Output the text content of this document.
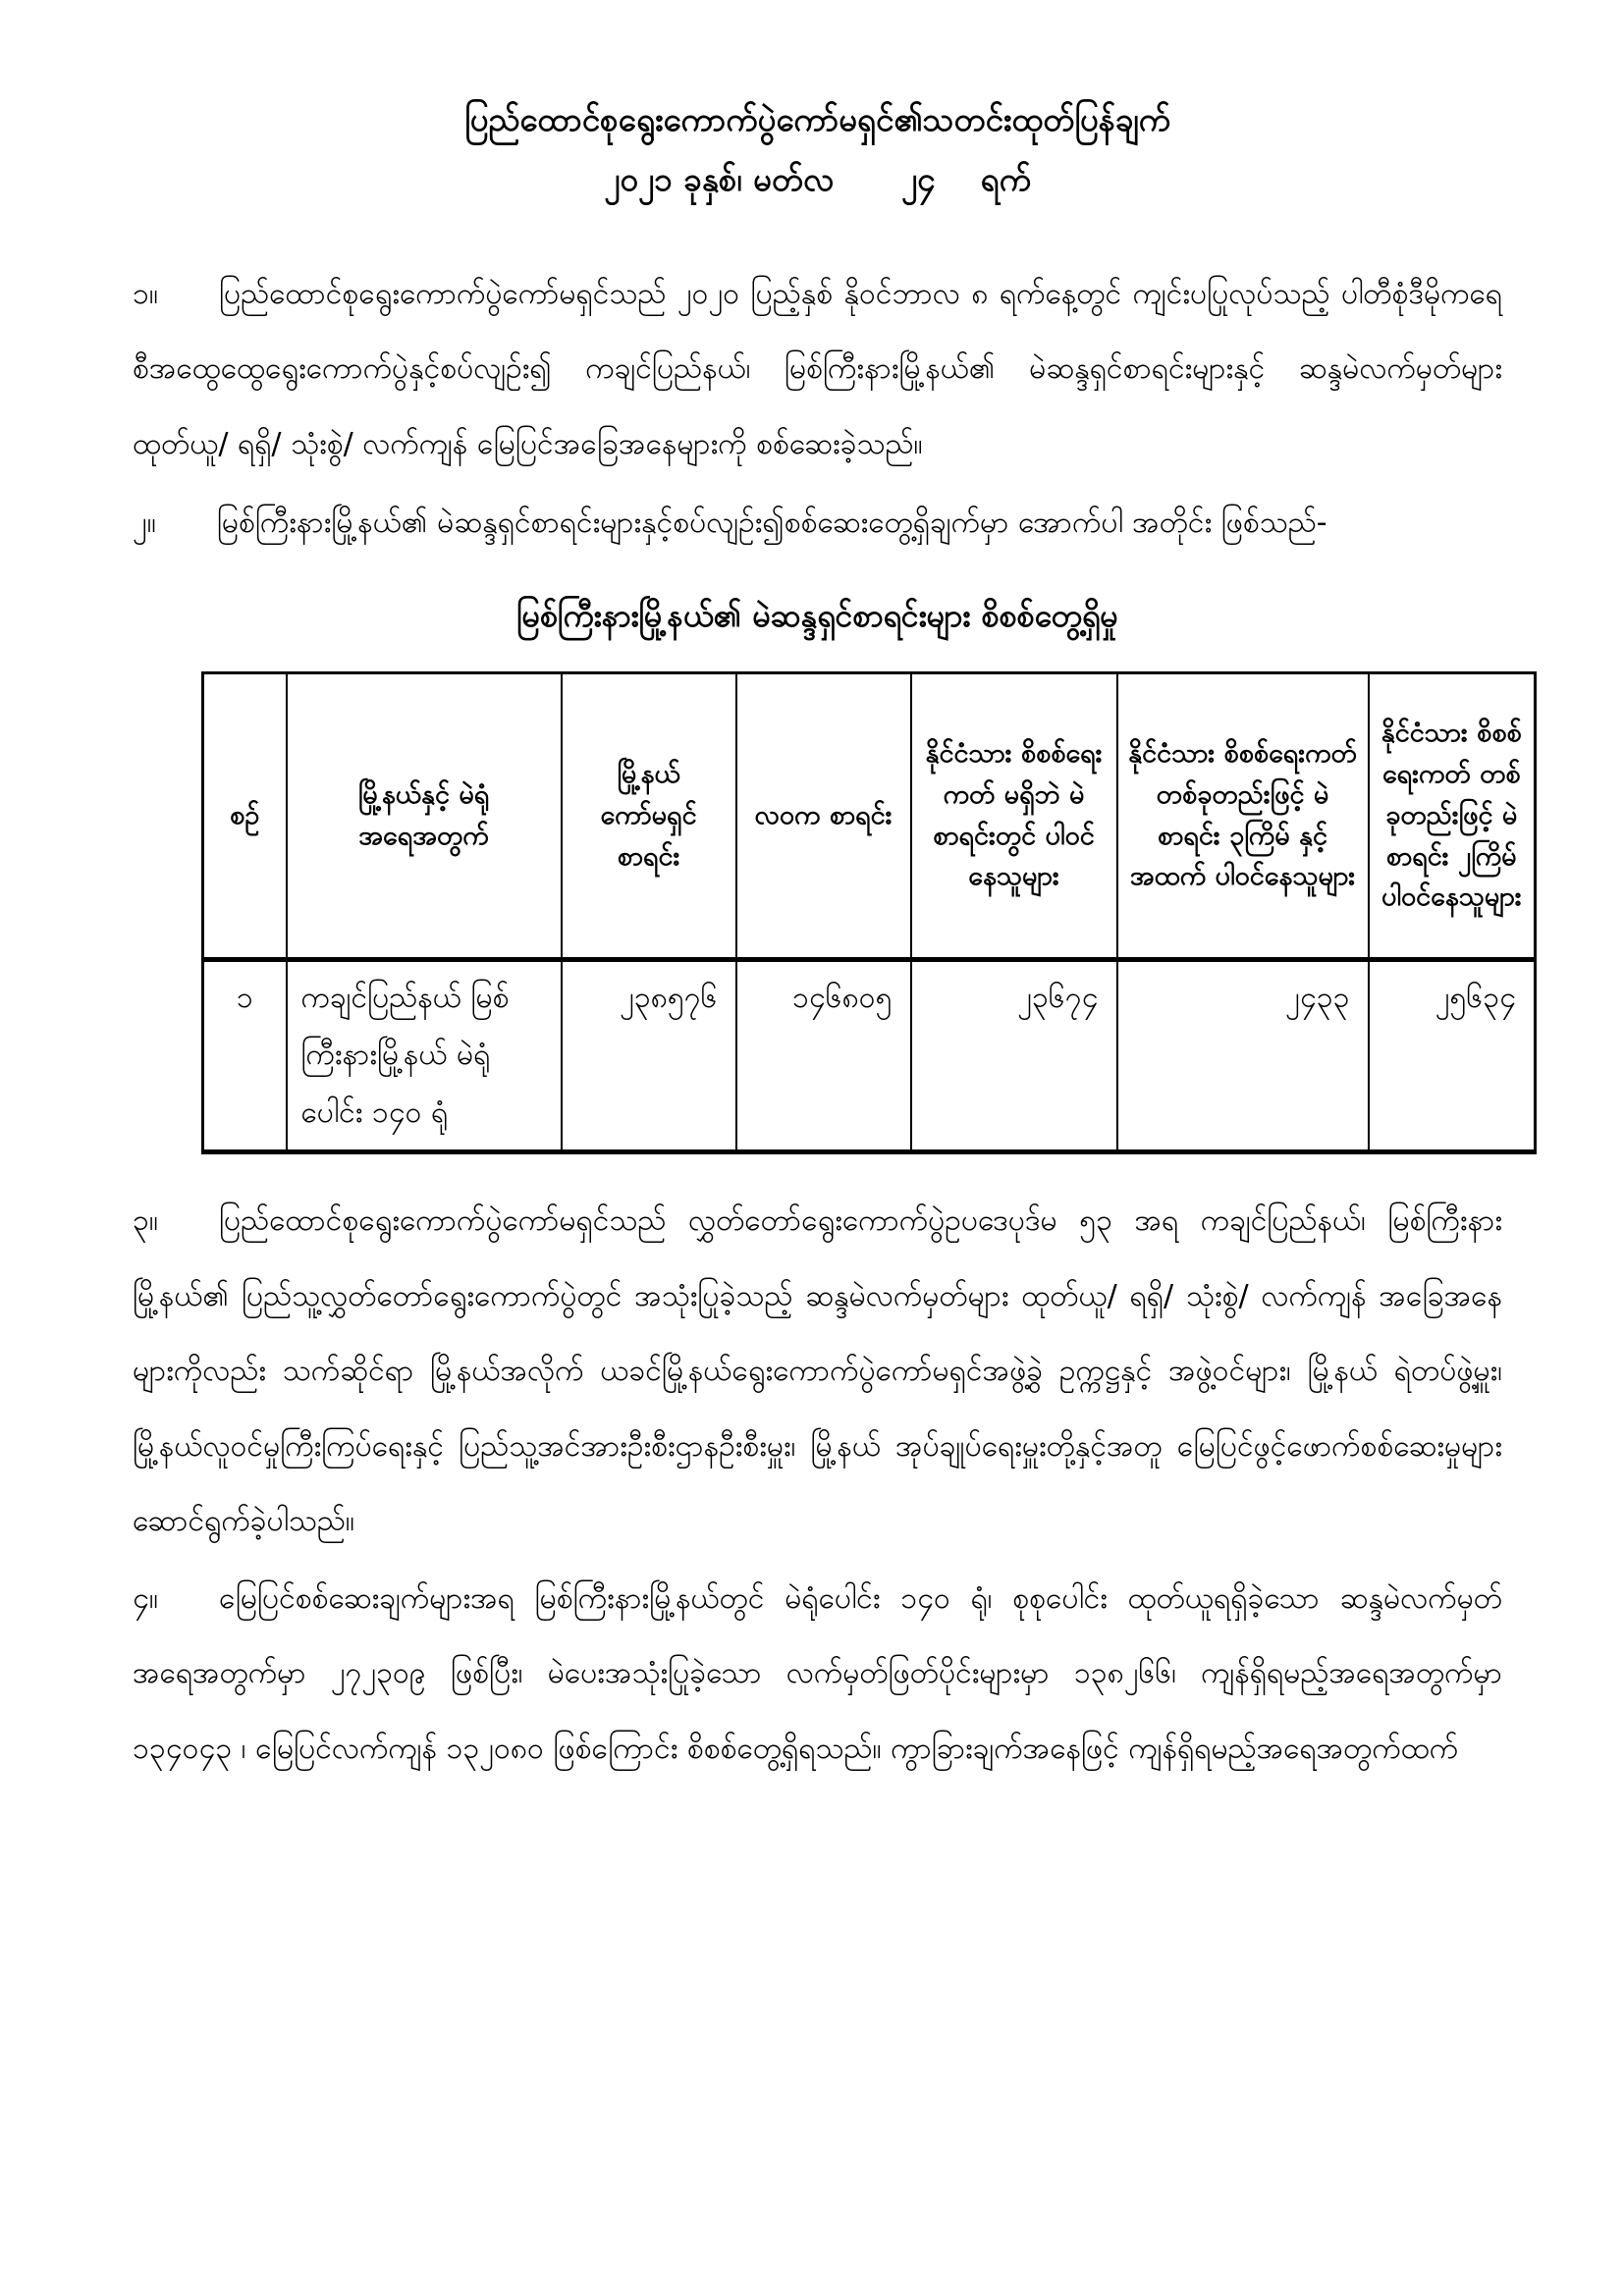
ပြည်ထောင်စုရွေးကောက်ပွဲကော်မရှင်၏သတင်းထုတ်ပြန်ချက်
၂၀၂၁ ခုနှစ်၊ မတ်လ      ၂၄    ရက်
၁။ ပြည်ထောင်စုရွေးကောက်ပွဲကော်မရှင်သည် ၂၀၂၀ ပြည့်နှစ် နိုဝင်ဘာလ ၈ ရက်နေ့တွင် ကျင်းပပြုလုပ်သည့် ပါတီစုံဒီမိုကရေစီအထွေထွေရွေးကောက်ပွဲနှင့်စပ်လျဉ်း၍ ကချင်ပြည်နယ်၊ မြစ်ကြီးနားမြို့နယ်၏ မဲဆန္ဒရှင်စာရင်းများနှင့် ဆန္ဒမဲလက်မှတ်များ ထုတ်ယူ/ ရရှိ/ သုံးစွဲ/ လက်ကျန် မြေပြင်အခြေအနေများကို စစ်ဆေးခဲ့သည်။
၂။ မြစ်ကြီးနားမြို့နယ်၏ မဲဆန္ဒရှင်စာရင်းများနှင့်စပ်လျဉ်း၍စစ်ဆေးတွေ့ရှိချက်မှာ အောက်ပါ အတိုင်း ဖြစ်သည်-
မြစ်ကြီးနားမြို့နယ်၏ မဲဆန္ဒရှင်စာရင်းများ စိစစ်တွေ့ရှိမှု
စဉ်	မြို့နယ်နှင့် မဲရုံအရေအတွက်	မြို့နယ် ကော်မရှင် စာရင်း	လဝက စာရင်း	နိုင်ငံသား စိစစ်ရေးကတ် မရှိဘဲ မဲစာရင်းတွင် ပါဝင်နေသူများ	နိုင်ငံသား စိစစ်ရေးကတ် တစ်ခုတည်းဖြင့် မဲစာရင်း ၃ကြိမ် နှင့် အထက် ပါဝင်နေသူများ	နိုင်ငံသား စိစစ်ရေးကတ် တစ်ခုတည်းဖြင့် မဲစာရင်း ၂ကြိမ် ပါဝင်နေသူများ
၁	ကချင်ပြည်နယ် မြစ်ကြီးနားမြို့နယ် မဲရုံပေါင်း ၁၄၀ ရုံ	၂၃၈၅၇၆	၁၄၆၈၀၅	၂၃၆၇၄	၂၄၃၃	၂၅၆၃၄
၃။ ပြည်ထောင်စုရွေးကောက်ပွဲကော်မရှင်သည် လွှတ်တော်ရွေးကောက်ပွဲဥပဒေပုဒ်မ ၅၃ အရ ကချင်ပြည်နယ်၊ မြစ်ကြီးနားမြို့နယ်၏ ပြည်သူ့လွှတ်တော်ရွေးကောက်ပွဲတွင် အသုံးပြုခဲ့သည့် ဆန္ဒမဲလက်မှတ်များ ထုတ်ယူ/ ရရှိ/ သုံးစွဲ/ လက်ကျန် အခြေအနေများကိုလည်း သက်ဆိုင်ရာ မြို့နယ်အလိုက် ယခင်မြို့နယ်ရွေးကောက်ပွဲကော်မရှင်အဖွဲ့ခွဲ ဥက္ကဋ္ဌနှင့် အဖွဲ့ဝင်များ၊ မြို့နယ် ရဲတပ်ဖွဲ့မှူး၊ မြို့နယ်လူဝင်မှုကြီးကြပ်ရေးနှင့် ပြည်သူ့အင်အားဦးစီးဌာနဦးစီးမှူး၊ မြို့နယ် အုပ်ချုပ်ရေးမှူးတို့နှင့်အတူ မြေပြင်ဖွင့်ဖောက်စစ်ဆေးမှုများ ဆောင်ရွက်ခဲ့ပါသည်။
၄။ မြေပြင်စစ်ဆေးချက်များအရ မြစ်ကြီးနားမြို့နယ်တွင် မဲရုံပေါင်း ၁၄၀ ရုံ၊ စုစုပေါင်း ထုတ်ယူရရှိခဲ့သော ဆန္ဒမဲလက်မှတ်အရေအတွက်မှာ ၂၇၂၃၀၉ ဖြစ်ပြီး၊ မဲပေးအသုံးပြုခဲ့သော လက်မှတ်ဖြတ်ပိုင်းများမှာ ၁၃၈၂၆၆၊ ကျန်ရှိရမည့်အရေအတွက်မှာ ၁၃၄၀၄၃ ၊ မြေပြင်လက်ကျန် ၁၃၂၀၈၀ ဖြစ်ကြောင်း စိစစ်တွေ့ရှိရသည်။ ကွာခြားချက်အနေဖြင့် ကျန်ရှိရမည့်အရေအတွက်ထက်
